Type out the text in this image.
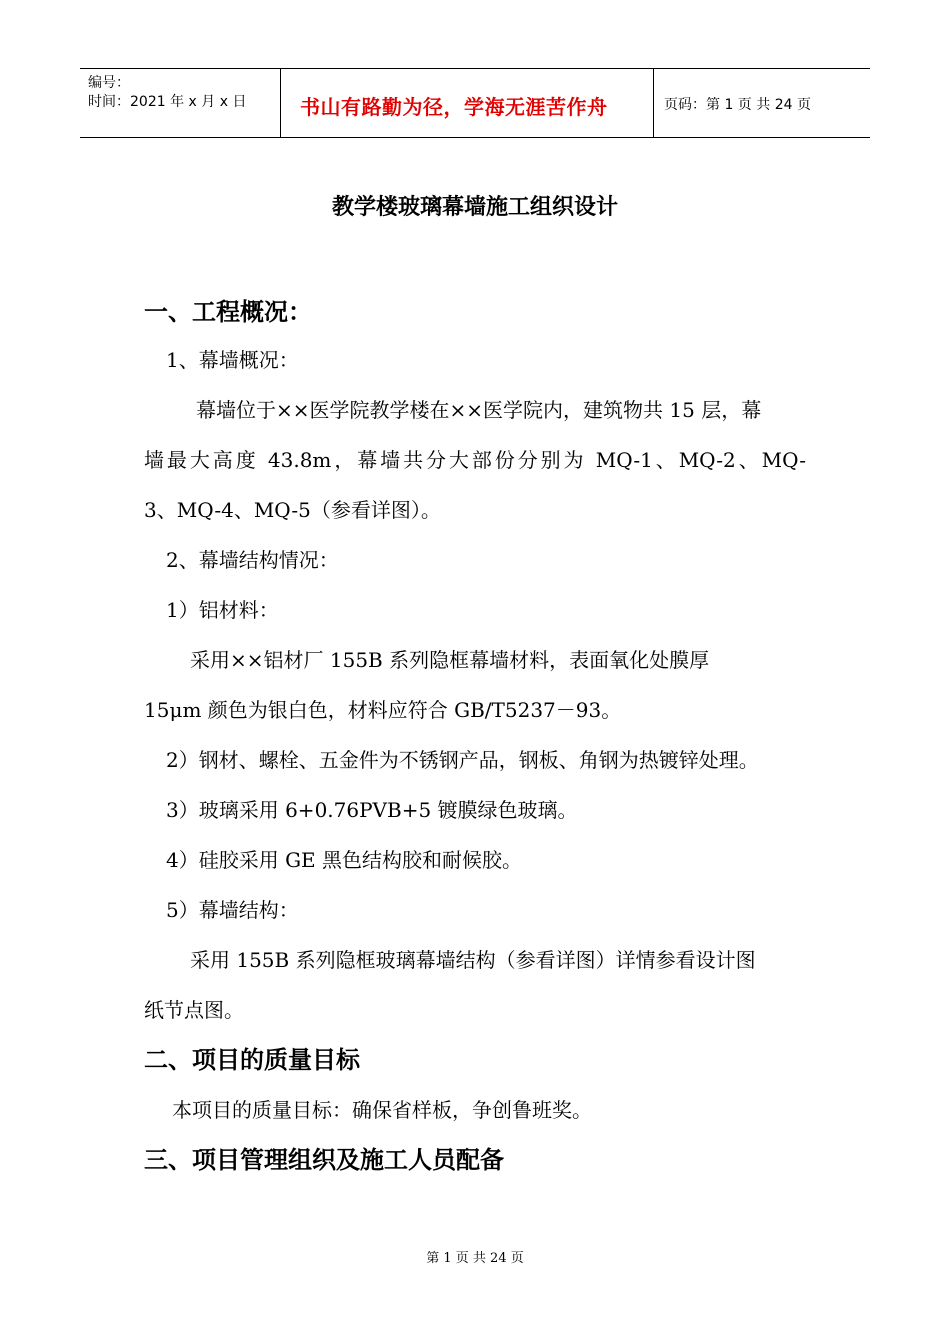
编号：
时间：2021 年 x 月 x 日	书山有路勤为径，学海无涯苦作舟	页码：第 1 页 共 24 页
教学楼玻璃幕墙施工组织设计
一、工程概况：
1、幕墙概况：
幕墙位于××医学院教学楼在××医学院内，建筑物共 15 层，幕
墙最大高度 43.8m，幕墙共分大部份分别为 MQ-1、MQ-2、MQ-
3、MQ-4、MQ-5（参看详图）。
2、幕墙结构情况：
1）铝材料：
采用××铝材厂 155B 系列隐框幕墙材料，表面氧化处膜厚
15μm 颜色为银白色，材料应符合 GB/T5237－93。
2）钢材、螺栓、五金件为不锈钢产品，钢板、角钢为热镀锌处理。
3）玻璃采用 6+0.76PVB+5 镀膜绿色玻璃。
4）硅胶采用 GE 黑色结构胶和耐候胶。
5）幕墙结构：
采用 155B 系列隐框玻璃幕墙结构（参看详图）详情参看设计图
纸节点图。
二、项目的质量目标
本项目的质量目标：确保省样板，争创鲁班奖。
三、项目管理组织及施工人员配备
第 1 页 共 24 页
